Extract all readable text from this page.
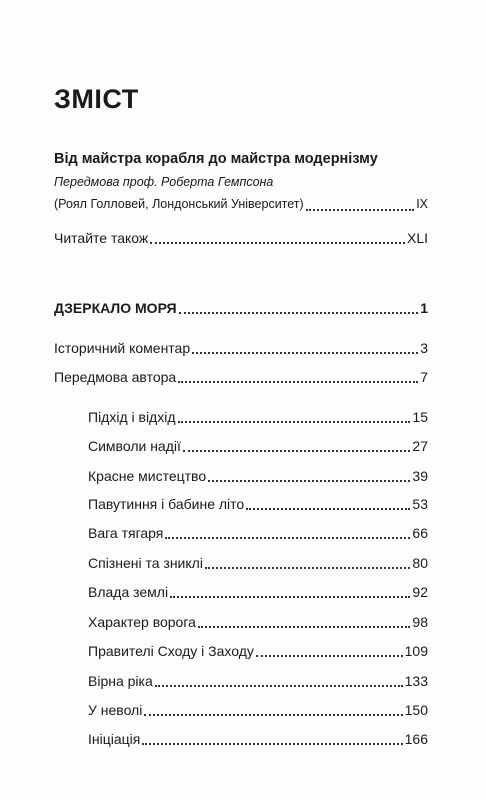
ЗМІСТ
Від майстра корабля до майстра модернізму
Передмова проф. Роберта Гемпсона
(Роял Голловей, Лондонський Університет)	IX
Читайте також	XLI
ДЗЕРКАЛО МОРЯ	1
Історичний коментар	3
Передмова автора	7
Підхід і відхід	15
Символи надії	27
Красне мистецтво	39
Павутиння і бабине літо	53
Вага тягаря	66
Спізнені та зниклі	80
Влада землі	92
Характер ворога	98
Правителі Сходу і Заходу	109
Вірна ріка	133
У неволі	150
Ініціація	166
